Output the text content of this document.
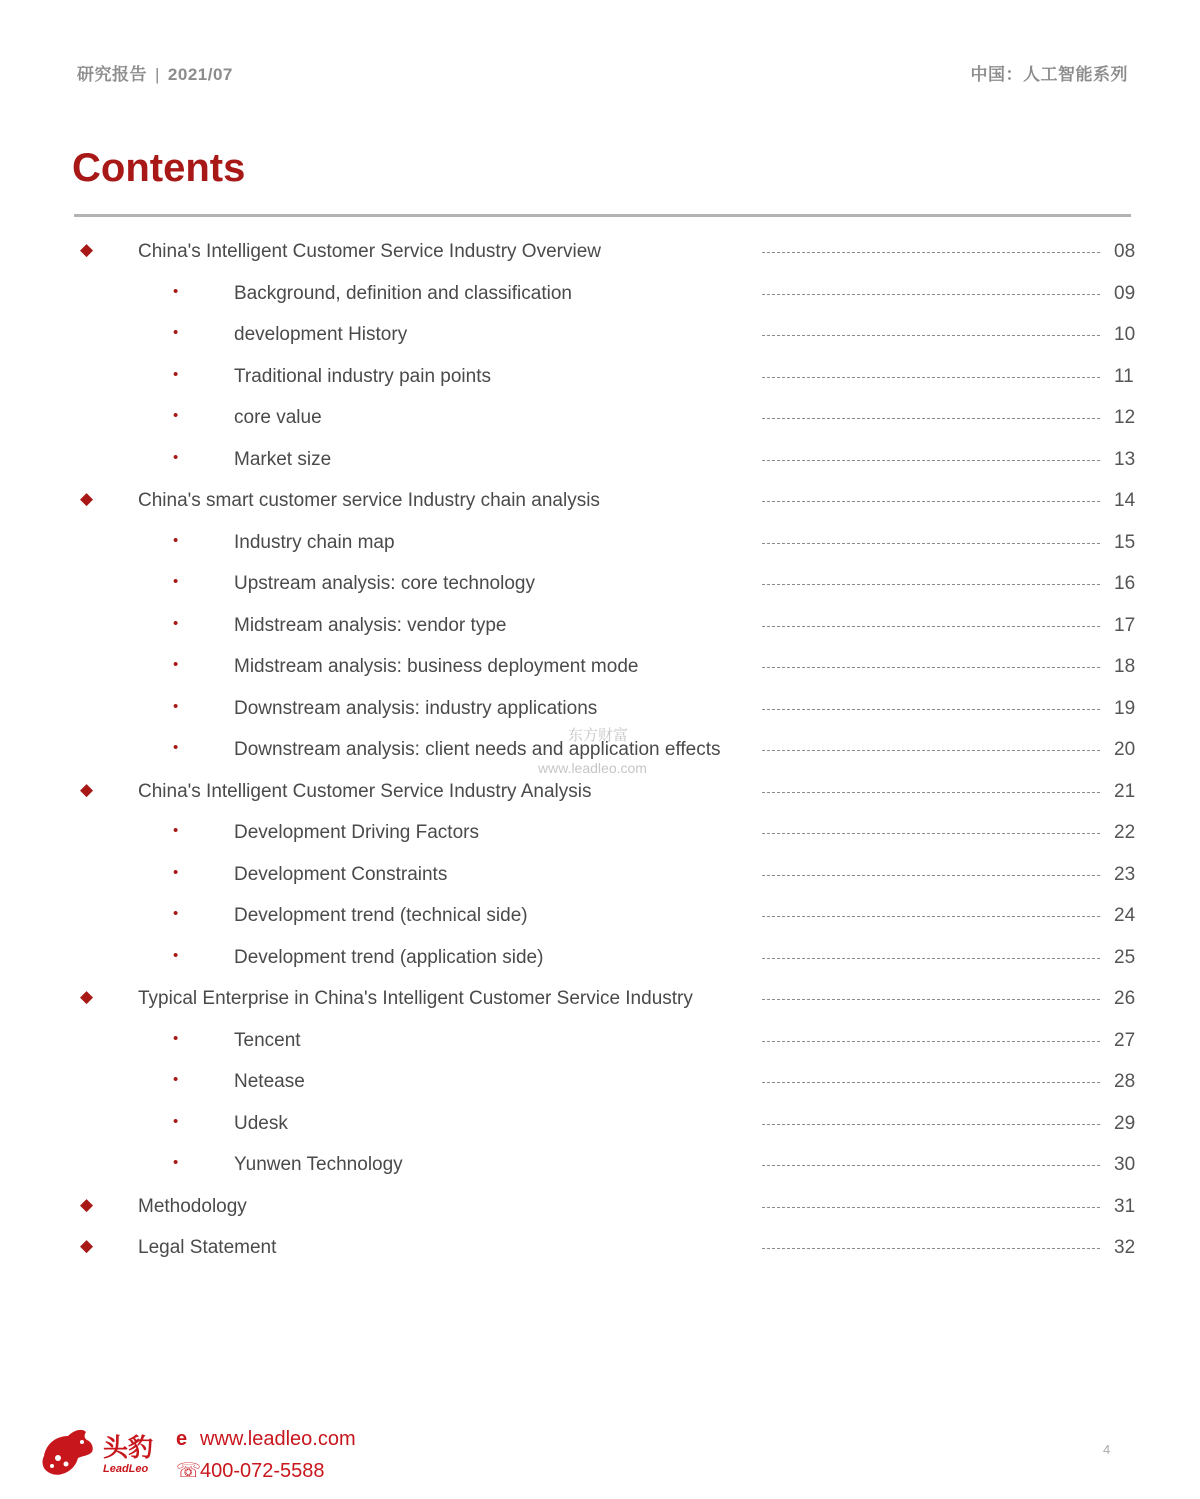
研究报告 | 2021/07	中国：人工智能系列
Contents
◆ China's Intelligent Customer Service Industry Overview	08
•	Background, definition and classification	09
•	development History	10
•	Traditional industry pain points	11
•	core value	12
•	Market size	13
◆ China's smart customer service Industry chain analysis	14
•	Industry chain map	15
•	Upstream analysis: core technology	16
•	Midstream analysis: vendor type	17
•	Midstream analysis: business deployment mode	18
•	Downstream analysis: industry applications	19
•	Downstream analysis: client needs and application effects	20
◆ China's Intelligent Customer Service Industry Analysis	21
•	Development Driving Factors	22
•	Development Constraints	23
•	Development trend (technical side)	24
•	Development trend (application side)	25
◆ Typical Enterprise in China's Intelligent Customer Service Industry	26
•	Tencent	27
•	Netease	28
•	Udesk	29
•	Yunwen Technology	30
◆ Methodology	31
◆ Legal Statement	32
东方财富
www.leadleo.com
头豹
LeadLeo
e www.leadleo.com
☏400-072-5588
4
